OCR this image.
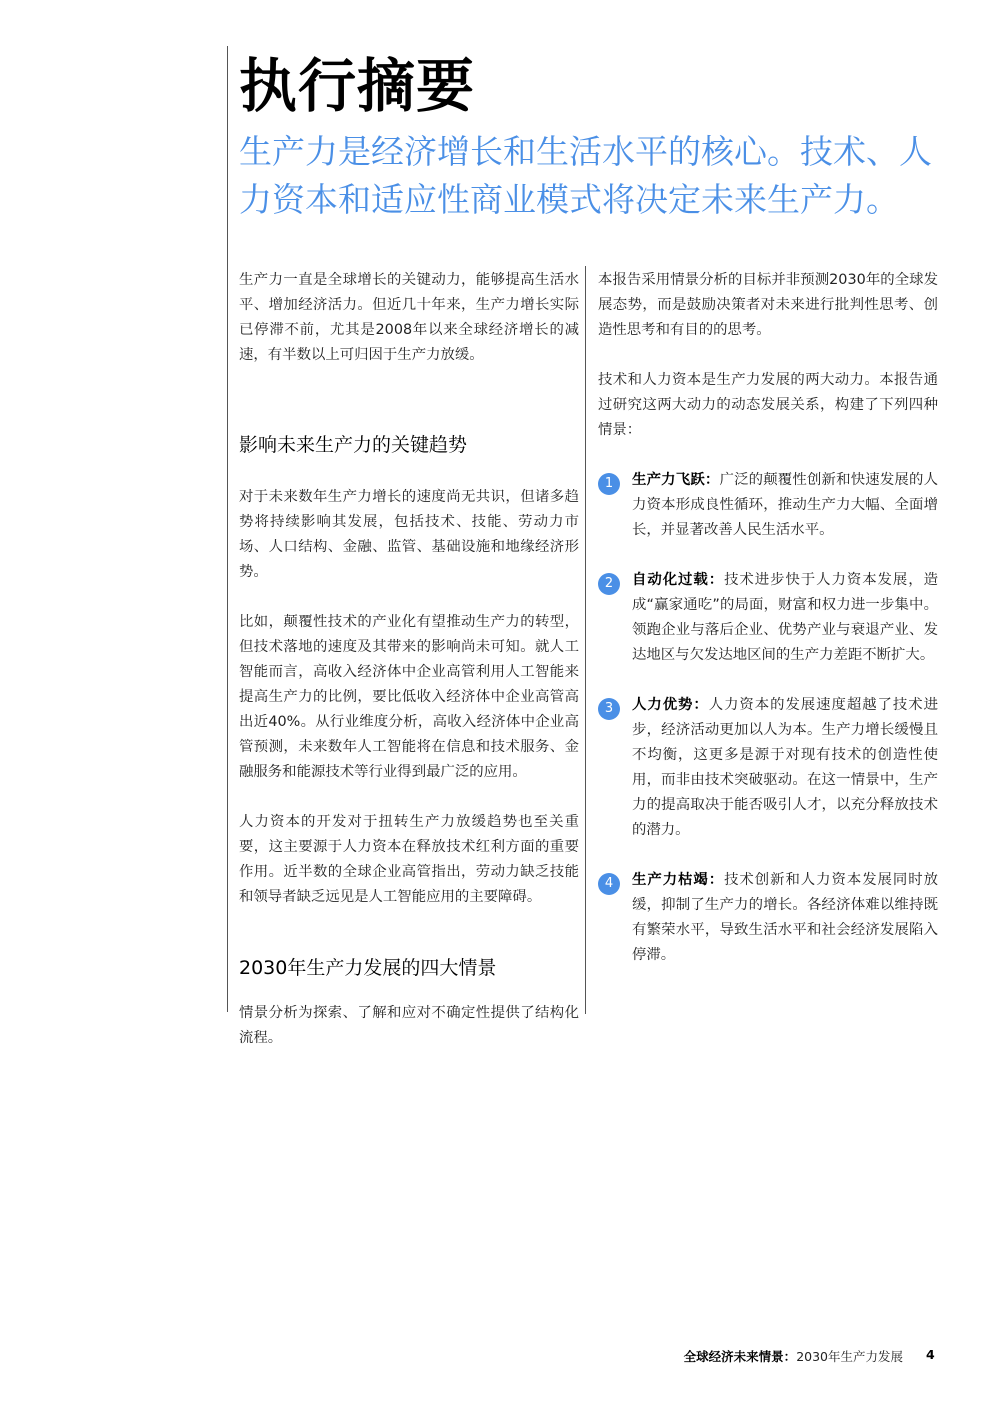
执行摘要
生产力是经济增长和生活水平的核心。技术、人力资本和适应性商业模式将决定未来生产力。

生产力一直是全球增长的关键动力，能够提高生活水平、增加经济活力。但近几十年来，生产力增长实际已停滞不前，尤其是2008年以来全球经济增长的减速，有半数以上可归因于生产力放缓。

影响未来生产力的关键趋势

对于未来数年生产力增长的速度尚无共识，但诸多趋势将持续影响其发展，包括技术、技能、劳动力市场、人口结构、金融、监管、基础设施和地缘经济形势。

比如，颠覆性技术的产业化有望推动生产力的转型，但技术落地的速度及其带来的影响尚未可知。就人工智能而言，高收入经济体中企业高管利用人工智能来提高生产力的比例，要比低收入经济体中企业高管高出近40%。从行业维度分析，高收入经济体中企业高管预测，未来数年人工智能将在信息和技术服务、金融服务和能源技术等行业得到最广泛的应用。

人力资本的开发对于扭转生产力放缓趋势也至关重要，这主要源于人力资本在释放技术红利方面的重要作用。近半数的全球企业高管指出，劳动力缺乏技能和领导者缺乏远见是人工智能应用的主要障碍。

2030年生产力发展的四大情景

情景分析为探索、了解和应对不确定性提供了结构化流程。

本报告采用情景分析的目标并非预测2030年的全球发展态势，而是鼓励决策者对未来进行批判性思考、创造性思考和有目的的思考。

技术和人力资本是生产力发展的两大动力。本报告通过研究这两大动力的动态发展关系，构建了下列四种情景：

1	生产力飞跃：广泛的颠覆性创新和快速发展的人力资本形成良性循环，推动生产力大幅、全面增长，并显著改善人民生活水平。

2	自动化过载：技术进步快于人力资本发展，造成“赢家通吃”的局面，财富和权力进一步集中。领跑企业与落后企业、优势产业与衰退产业、发达地区与欠发达地区间的生产力差距不断扩大。

3	人力优势：人力资本的发展速度超越了技术进步，经济活动更加以人为本。生产力增长缓慢且不均衡，这更多是源于对现有技术的创造性使用，而非由技术突破驱动。在这一情景中，生产力的提高取决于能否吸引人才，以充分释放技术的潜力。

4	生产力枯竭：技术创新和人力资本发展同时放缓，抑制了生产力的增长。各经济体难以维持既有繁荣水平，导致生活水平和社会经济发展陷入停滞。

全球经济未来情景：2030年生产力发展 4
